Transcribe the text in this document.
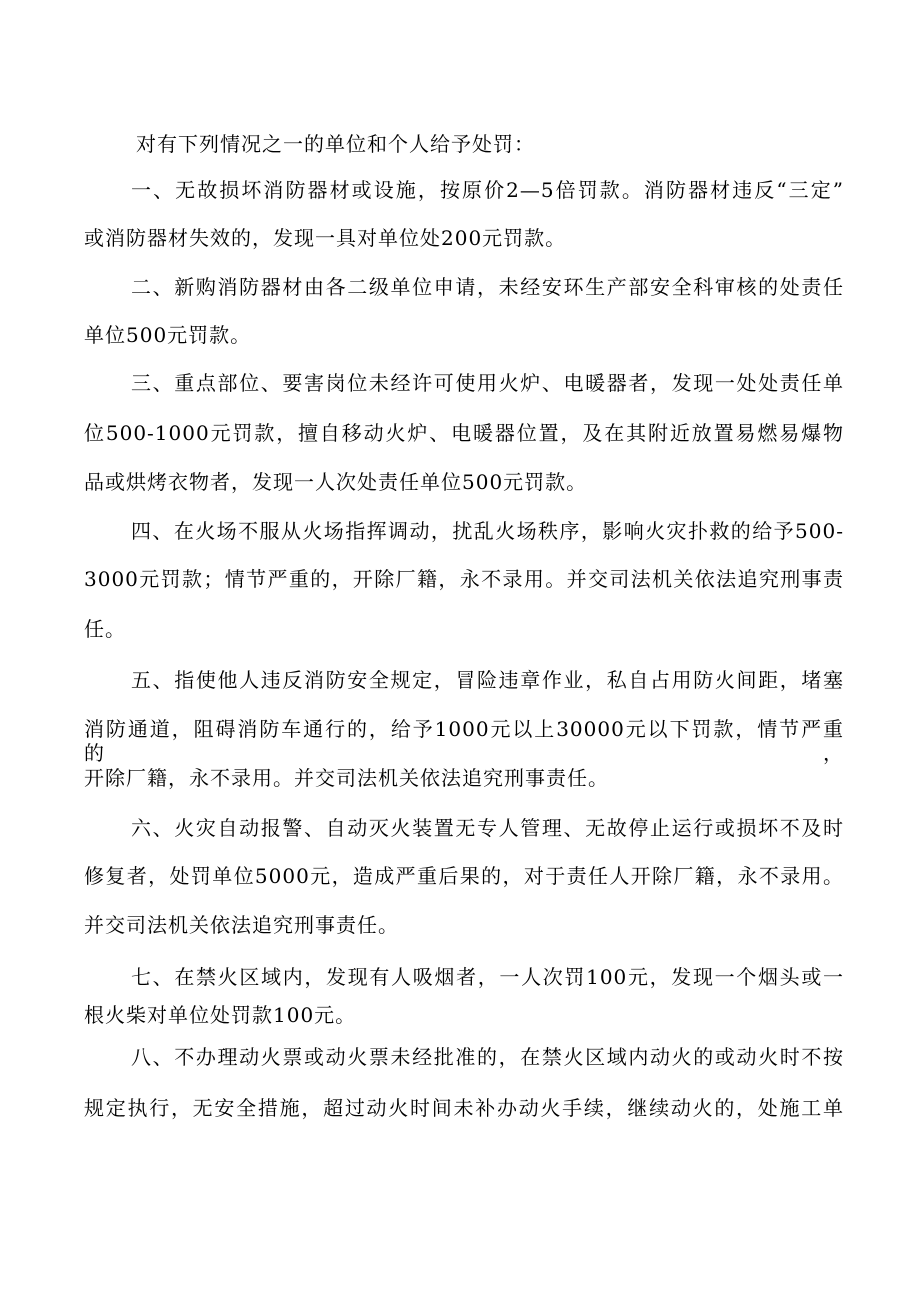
对有下列情况之一的单位和个人给予处罚：
一、无故损坏消防器材或设施，按原价2—5倍罚款。消防器材违反“三定”
或消防器材失效的，发现一具对单位处200元罚款。
二、新购消防器材由各二级单位申请，未经安环生产部安全科审核的处责任
单位500元罚款。
三、重点部位、要害岗位未经许可使用火炉、电暖器者，发现一处处责任单
位500-1000元罚款，擅自移动火炉、电暖器位置，及在其附近放置易燃易爆物
品或烘烤衣物者，发现一人次处责任单位500元罚款。
四、在火场不服从火场指挥调动，扰乱火场秩序，影响火灾扑救的给予500-
3000元罚款；情节严重的，开除厂籍，永不录用。并交司法机关依法追究刑事责
任。
五、指使他人违反消防安全规定，冒险违章作业，私自占用防火间距，堵塞
消防通道，阻碍消防车通行的，给予1000元以上30000元以下罚款，情节严重的，
开除厂籍，永不录用。并交司法机关依法追究刑事责任。
六、火灾自动报警、自动灭火装置无专人管理、无故停止运行或损坏不及时
修复者，处罚单位5000元，造成严重后果的，对于责任人开除厂籍，永不录用。
并交司法机关依法追究刑事责任。
七、在禁火区域内，发现有人吸烟者，一人次罚100元，发现一个烟头或一
根火柴对单位处罚款100元。
八、不办理动火票或动火票未经批准的，在禁火区域内动火的或动火时不按
规定执行，无安全措施，超过动火时间未补办动火手续，继续动火的，处施工单
